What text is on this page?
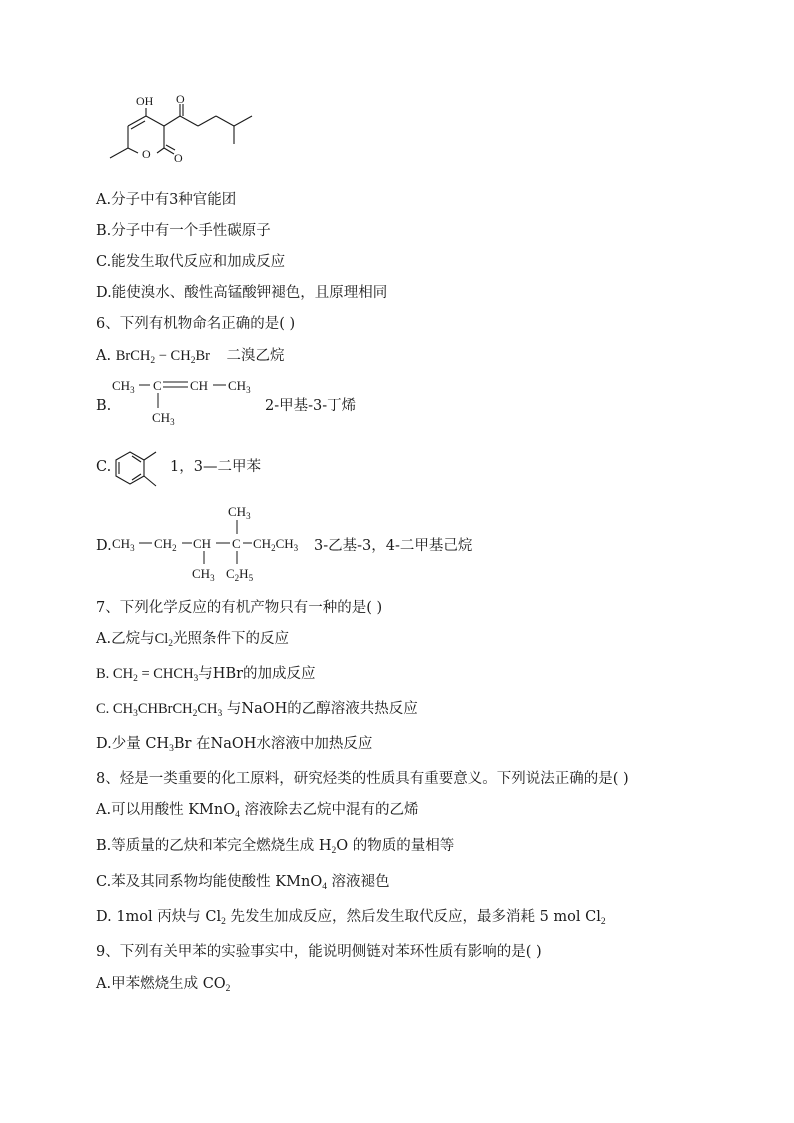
OH O
O O
A.分子中有3种官能团
B.分子中有一个手性碳原子
C.能发生取代反应和加成反应
D.能使溴水、酸性高锰酸钾褪色，且原理相同
6、下列有机物命名正确的是( )
A. BrCH$_2$ − $CH_2Br$ 二溴乙烷
B.
$CH_3$ C CH $CH_3$
$CH_3$
2-甲基-3-丁烯
C.	1，3—二甲苯
D. $CH_3$ $CH_2$ CH C $CH_2CH_3$
$CH_3$
$CH_3$
$C_2H_5$
3-乙基-3，4-二甲基己烷
7、下列化学反应的有机产物只有一种的是( )
A.乙烷与$Cl_2$光照条件下的反应
B. $CH_2$ = $CHCH_3$与HBr的加成反应
C. $CH_3CHBrCH_2CH_3$ 与NaOH的乙醇溶液共热反应
D.少量 $CH_3Br$ 在NaOH水溶液中加热反应
8、烃是一类重要的化工原料，研究烃类的性质具有重要意义。下列说法正确的是( )
A.可以用酸性 KMnO$_4$ 溶液除去乙烷中混有的乙烯
B.等质量的乙炔和苯完全燃烧生成 $H_2O$ 的物质的量相等
C.苯及其同系物均能使酸性 KMnO$_4$ 溶液褪色
D. 1mol 丙炔与 $Cl_2$ 先发生加成反应，然后发生取代反应，最多消耗 5 mol $Cl_2$
9、下列有关甲苯的实验事实中，能说明侧链对苯环性质有影响的是( )
A.甲苯燃烧生成 $CO_2$
